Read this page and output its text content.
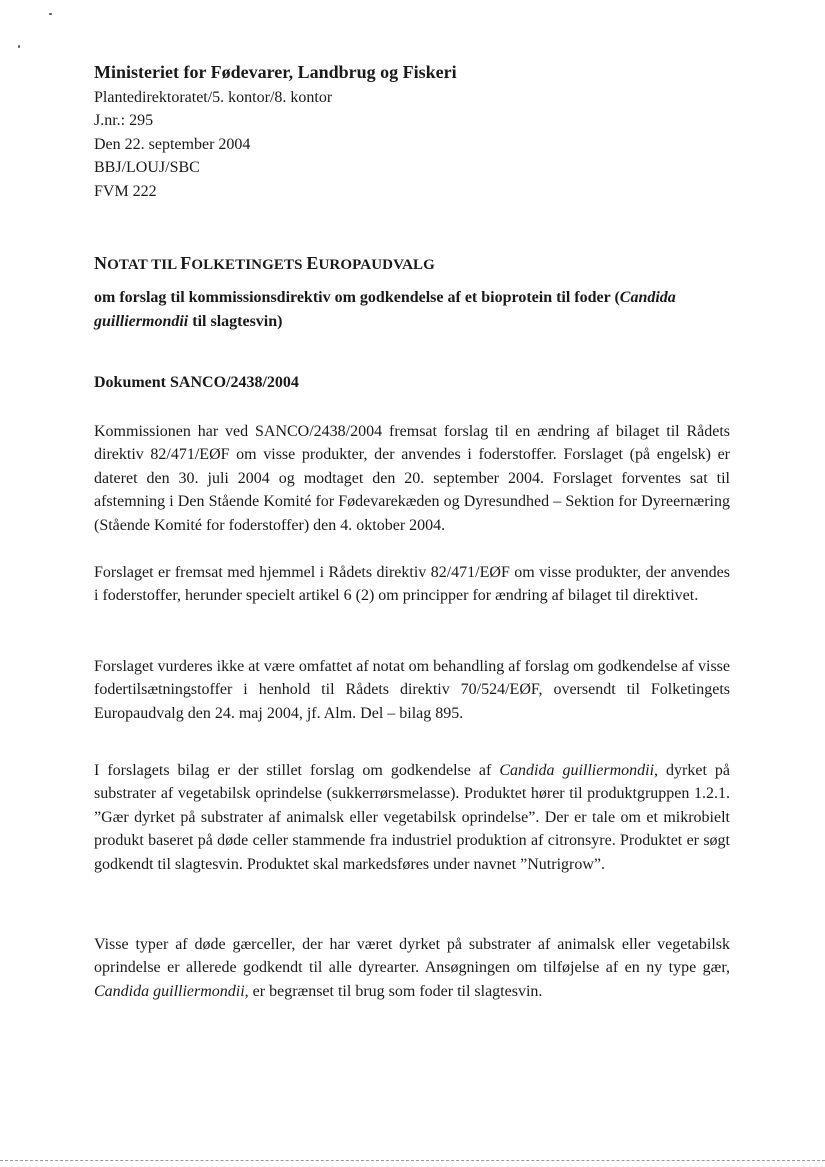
Ministeriet for Fødevarer, Landbrug og Fiskeri

Plantedirektoratet/5. kontor/8. kontor

J.nr.: 295

Den 22. september 2004

BBJ/LOUJ/SBC

FVM 222

NOTAT TIL FOLKETINGETS EUROPAUDVALG

om forslag til kommissionsdirektiv om godkendelse af et bioprotein til foder (Candida guilliermondii til slagtesvin)

Dokument SANCO/2438/2004

Kommissionen har ved SANCO/2438/2004 fremsat forslag til en ændring af bilaget til Rådets direktiv 82/471/EØF om visse produkter, der anvendes i foderstoffer. Forslaget (på engelsk) er dateret den 30. juli 2004 og modtaget den 20. september 2004. Forslaget forventes sat til afstemning i Den Stående Komité for Fødevarekæden og Dyresundhed – Sektion for Dyreernæring (Stående Komité for foderstoffer) den 4. oktober 2004.

Forslaget er fremsat med hjemmel i Rådets direktiv 82/471/EØF om visse produkter, der anvendes i foderstoffer, herunder specielt artikel 6 (2) om principper for ændring af bilaget til direktivet.

Forslaget vurderes ikke at være omfattet af notat om behandling af forslag om godkendelse af visse fodertilsætningstoffer i henhold til Rådets direktiv 70/524/EØF, oversendt til Folketingets Europaudvalg den 24. maj 2004, jf. Alm. Del – bilag 895.

I forslagets bilag er der stillet forslag om godkendelse af Candida guilliermondii, dyrket på substrater af vegetabilsk oprindelse (sukkerrørsmelasse). Produktet hører til produktgruppen 1.2.1. ”Gær dyrket på substrater af animalsk eller vegetabilsk oprindelse”. Der er tale om et mikrobielt produkt baseret på døde celler stammende fra industriel produktion af citronsyre. Produktet er søgt godkendt til slagtesvin. Produktet skal markedsføres under navnet ”Nutrigrow”.

Visse typer af døde gærceller, der har været dyrket på substrater af animalsk eller vegetabilsk oprindelse er allerede godkendt til alle dyrearter. Ansøgningen om tilføjelse af en ny type gær, Candida guilliermondii, er begrænset til brug som foder til slagtesvin.
